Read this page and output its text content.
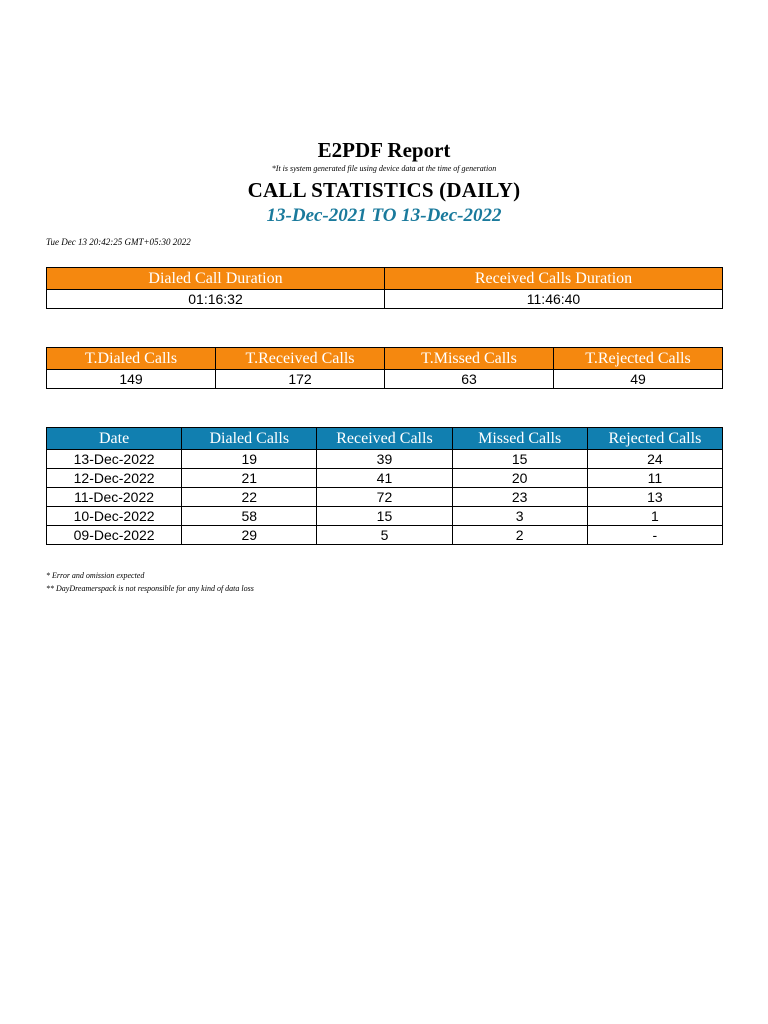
E2PDF Report
*It is system generated file using device data at the time of generation
CALL STATISTICS (DAILY)
13-Dec-2021 TO 13-Dec-2022
Tue Dec 13 20:42:25 GMT+05:30 2022
Dialed Call Duration	Received Calls Duration
01:16:32	11:46:40
T.Dialed Calls	T.Received Calls	T.Missed Calls	T.Rejected Calls
149	172	63	49
Date	Dialed Calls	Received Calls	Missed Calls	Rejected Calls
13-Dec-2022	19	39	15	24
12-Dec-2022	21	41	20	11
11-Dec-2022	22	72	23	13
10-Dec-2022	58	15	3	1
09-Dec-2022	29	5	2	-
* Error and omission expected
** DayDreamerspack is not responsible for any kind of data loss
